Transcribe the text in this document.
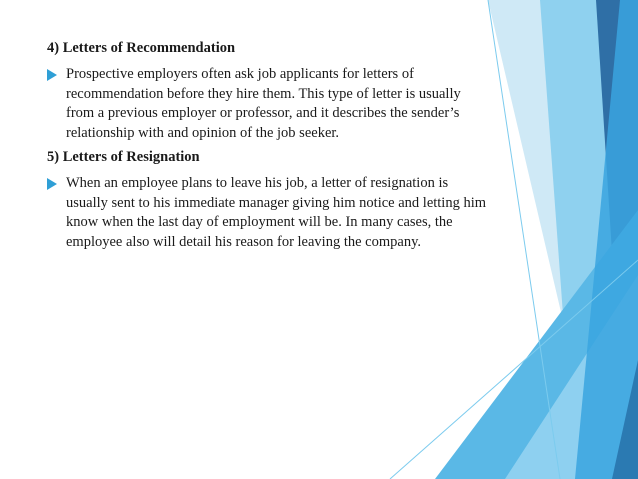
4) Letters of Recommendation
Prospective employers often ask job applicants for letters of recommendation before they hire them. This type of letter is usually from a previous employer or professor, and it describes the sender’s relationship with and opinion of the job seeker.
5) Letters of Resignation
When an employee plans to leave his job, a letter of resignation is usually sent to his immediate manager giving him notice and letting him know when the last day of employment will be. In many cases, the employee also will detail his reason for leaving the company.
